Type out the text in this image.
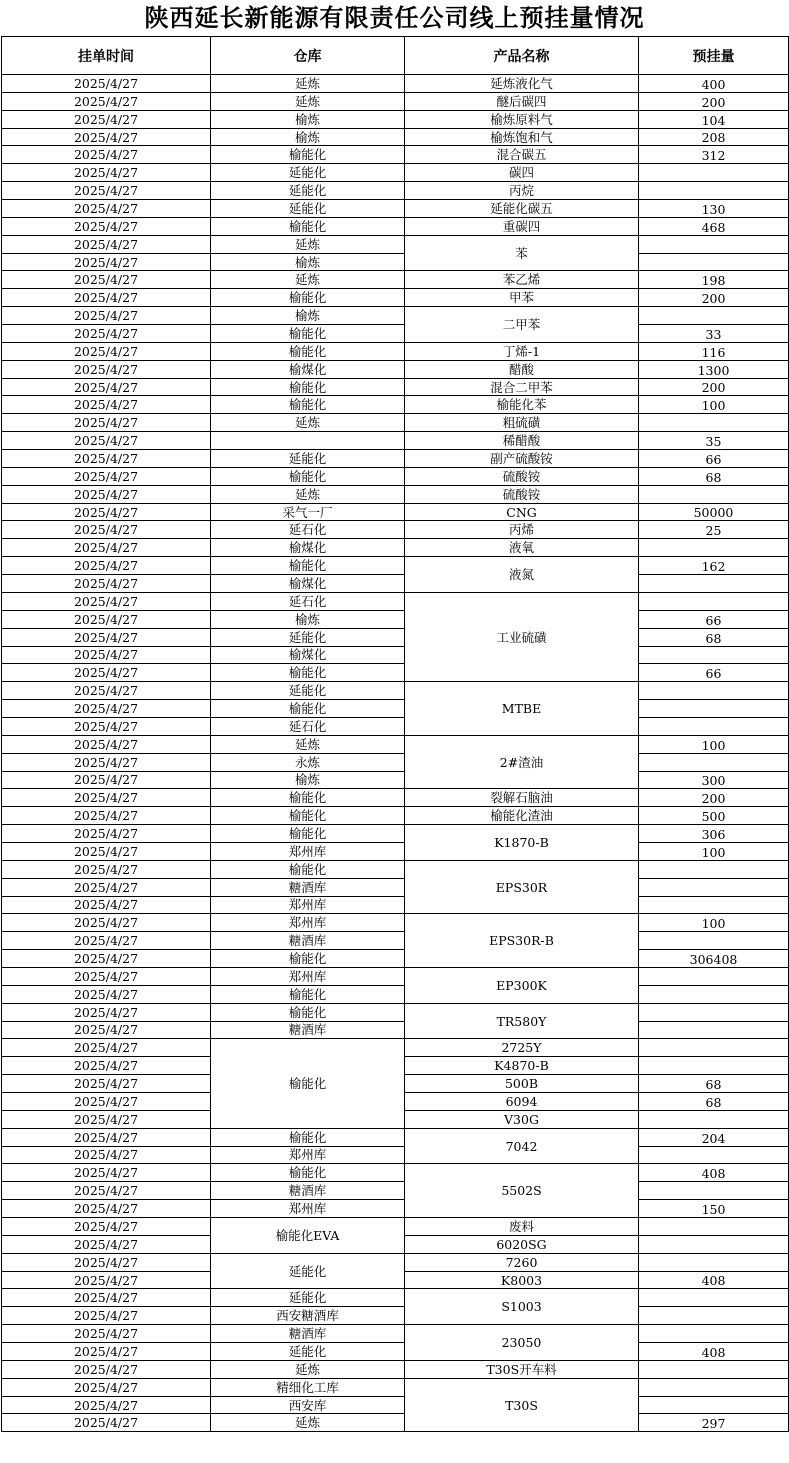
陕西延长新能源有限责任公司线上预挂量情况
挂单时间	仓库	产品名称	预挂量
2025/4/27	延炼	延炼液化气	400
2025/4/27	延炼	醚后碳四	200
2025/4/27	榆炼	榆炼原料气	104
2025/4/27	榆炼	榆炼饱和气	208
2025/4/27	榆能化	混合碳五	312
2025/4/27	延能化	碳四	
2025/4/27	延能化	丙烷	
2025/4/27	延能化	延能化碳五	130
2025/4/27	榆能化	重碳四	468
2025/4/27	延炼	苯	
2025/4/27	榆炼		
2025/4/27	延炼	苯乙烯	198
2025/4/27	榆能化	甲苯	200
2025/4/27	榆炼	二甲苯	
2025/4/27	榆能化		33
2025/4/27	榆能化	丁烯-1	116
2025/4/27	榆煤化	醋酸	1300
2025/4/27	榆能化	混合二甲苯	200
2025/4/27	榆能化	榆能化苯	100
2025/4/27	延炼	粗硫磺	
2025/4/27		稀醋酸	35
2025/4/27	延能化	副产硫酸铵	66
2025/4/27	榆能化	硫酸铵	68
2025/4/27	延炼	硫酸铵	
2025/4/27	采气一厂	CNG	50000
2025/4/27	延石化	丙烯	25
2025/4/27	榆煤化	液氧	
2025/4/27	榆能化	液氮	162
2025/4/27	榆煤化		
2025/4/27	延石化	工业硫磺	
2025/4/27	榆炼		66
2025/4/27	延能化		68
2025/4/27	榆煤化		
2025/4/27	榆能化		66
2025/4/27	延能化	MTBE	
2025/4/27	榆能化		
2025/4/27	延石化		
2025/4/27	延炼	2#渣油	100
2025/4/27	永炼		
2025/4/27	榆炼		300
2025/4/27	榆能化	裂解石脑油	200
2025/4/27	榆能化	榆能化渣油	500
2025/4/27	榆能化	K1870-B	306
2025/4/27	郑州库		100
2025/4/27	榆能化	EPS30R	
2025/4/27	糖酒库		
2025/4/27	郑州库		
2025/4/27	郑州库	EPS30R-B	100
2025/4/27	糖酒库		
2025/4/27	榆能化		306408
2025/4/27	郑州库	EP300K	
2025/4/27	榆能化		
2025/4/27	榆能化	TR580Y	
2025/4/27	糖酒库		
2025/4/27	榆能化	2725Y	
2025/4/27		K4870-B	
2025/4/27		500B	68
2025/4/27		6094	68
2025/4/27		V30G	
2025/4/27	榆能化	7042	204
2025/4/27	郑州库		
2025/4/27	榆能化	5502S	408
2025/4/27	糖酒库		
2025/4/27	郑州库		150
2025/4/27	榆能化EVA	废料	
2025/4/27		6020SG	
2025/4/27	延能化	7260	
2025/4/27		K8003	408
2025/4/27	延能化	S1003	
2025/4/27	西安糖酒库		
2025/4/27	糖酒库	23050	
2025/4/27	延能化		408
2025/4/27	延炼	T30S开车料	
2025/4/27	精细化工库	T30S	
2025/4/27	西安库		
2025/4/27	延炼		297
